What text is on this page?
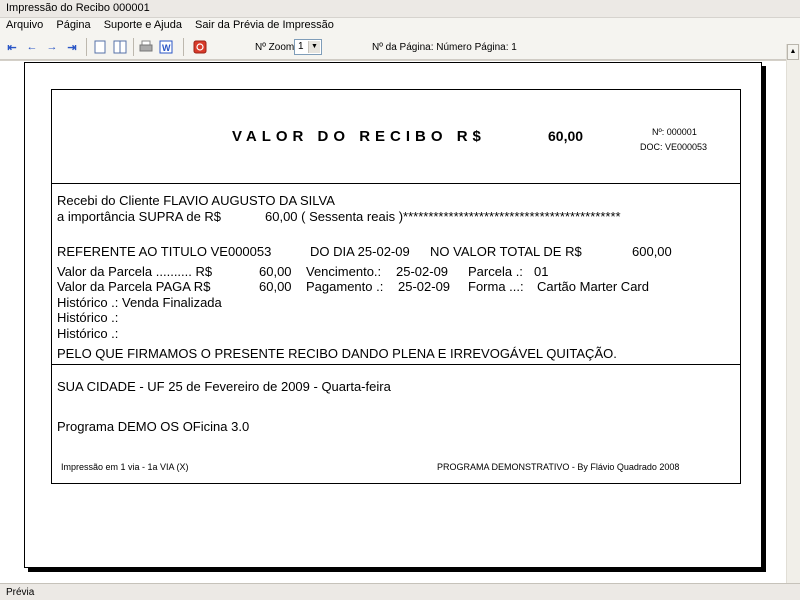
Impressão do Recibo 000001
Arquivo Página Suporte e Ajuda Sair da Prévia de Impressão
⇤ ← → ⇥	W	Nº Zoom 1	▼	Nº da Página: Número Página: 1	▲
VALOR DO RECIBO R$	60,00	Nº: 000001
DOC: VE000053
Recebi do Cliente FLAVIO AUGUSTO DA SILVA
a importância SUPRA de R$	60,00 ( Sessenta reais )*******************************************
REFERENTE AO TITULO VE000053	DO DIA 25-02-09 NO VALOR TOTAL DE R$	600,00
Valor da Parcela .......... R$	60,00 Vencimento.: 25-02-09 Parcela .: 01
Valor da Parcela PAGA R$	60,00 Pagamento .: 25-02-09 Forma ...: Cartão Marter Card
Histórico .: Venda Finalizada
Histórico .:
Histórico .:
PELO QUE FIRMAMOS O PRESENTE RECIBO DANDO PLENA E IRREVOGÁVEL QUITAÇÃO.
SUA CIDADE - UF 25 de Fevereiro de 2009 - Quarta-feira
Programa DEMO OS OFicina 3.0
Impressão em 1 via - 1a VIA (X)	PROGRAMA DEMONSTRATIVO - By Flávio Quadrado 2008
Prévia
